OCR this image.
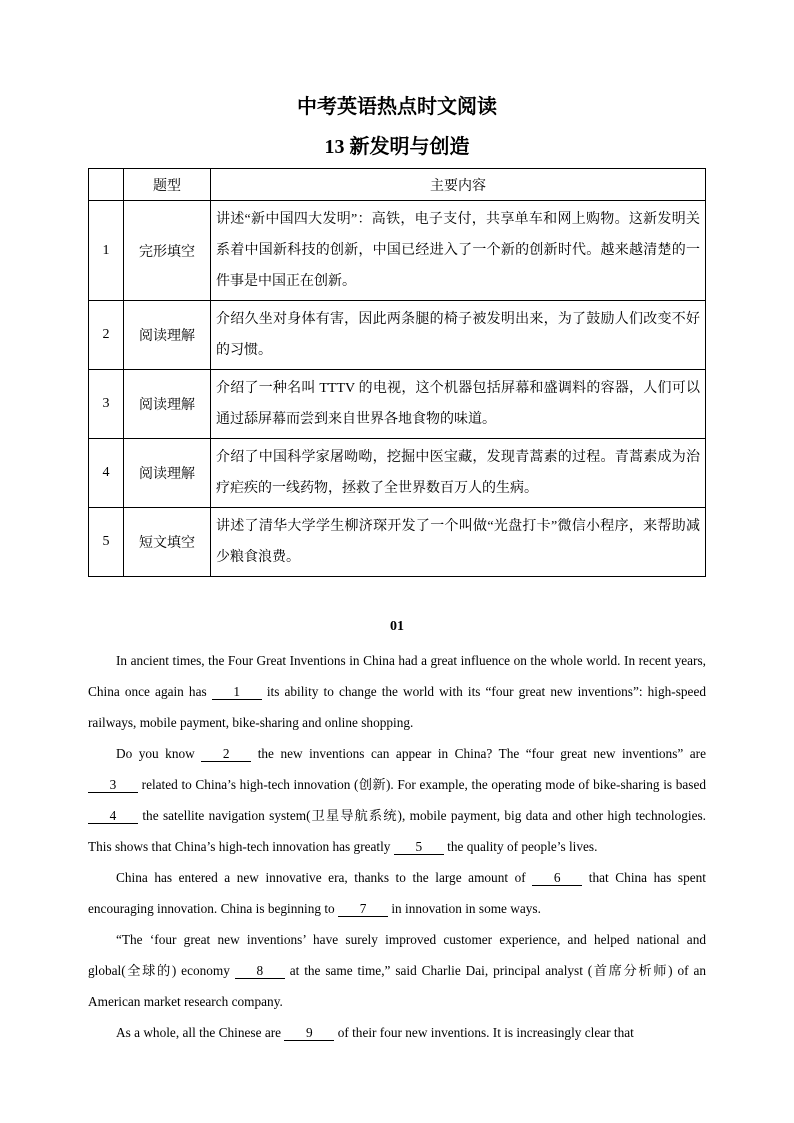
中考英语热点时文阅读
13 新发明与创造
	题型	主要内容
1	完形填空	讲述“新中国四大发明”：高铁，电子支付，共享单车和网上购物。这新发明关系着中国新科技的创新，中国已经进入了一个新的创新时代。越来越清楚的一件事是中国正在创新。
2	阅读理解	介绍久坐对身体有害，因此两条腿的椅子被发明出来，为了鼓励人们改变不好的习惯。
3	阅读理解	介绍了一种名叫 TTTV 的电视，这个机器包括屏幕和盛调料的容器，人们可以通过舔屏幕而尝到来自世界各地食物的味道。
4	阅读理解	介绍了中国科学家屠呦呦，挖掘中医宝藏，发现青蒿素的过程。青蒿素成为治疗疟疾的一线药物，拯救了全世界数百万人的生病。
5	短文填空	讲述了清华大学学生柳济琛开发了一个叫做“光盘打卡”微信小程序，来帮助减少粮食浪费。
01

In ancient times, the Four Great Inventions in China had a great influence on the whole world. In recent years, China once again has 1 its ability to change the world with its “four great new inventions”: high-speed railways, mobile payment, bike-sharing and online shopping.

Do you know 2 the new inventions can appear in China? The “four great new inventions” are 3 related to China’s high-tech innovation (创新). For example, the operating mode of bike-sharing is based 4 the satellite navigation system(卫星导航系统), mobile payment, big data and other high technologies. This shows that China’s high-tech innovation has greatly 5 the quality of people’s lives.

China has entered a new innovative era, thanks to the large amount of 6 that China has spent encouraging innovation. China is beginning to 7 in innovation in some ways.

“The ‘four great new inventions’ have surely improved customer experience, and helped national and global(全球的) economy 8 at the same time,” said Charlie Dai, principal analyst (首席分析师) of an American market research company.

As a whole, all the Chinese are 9 of their four new inventions. It is increasingly clear that
